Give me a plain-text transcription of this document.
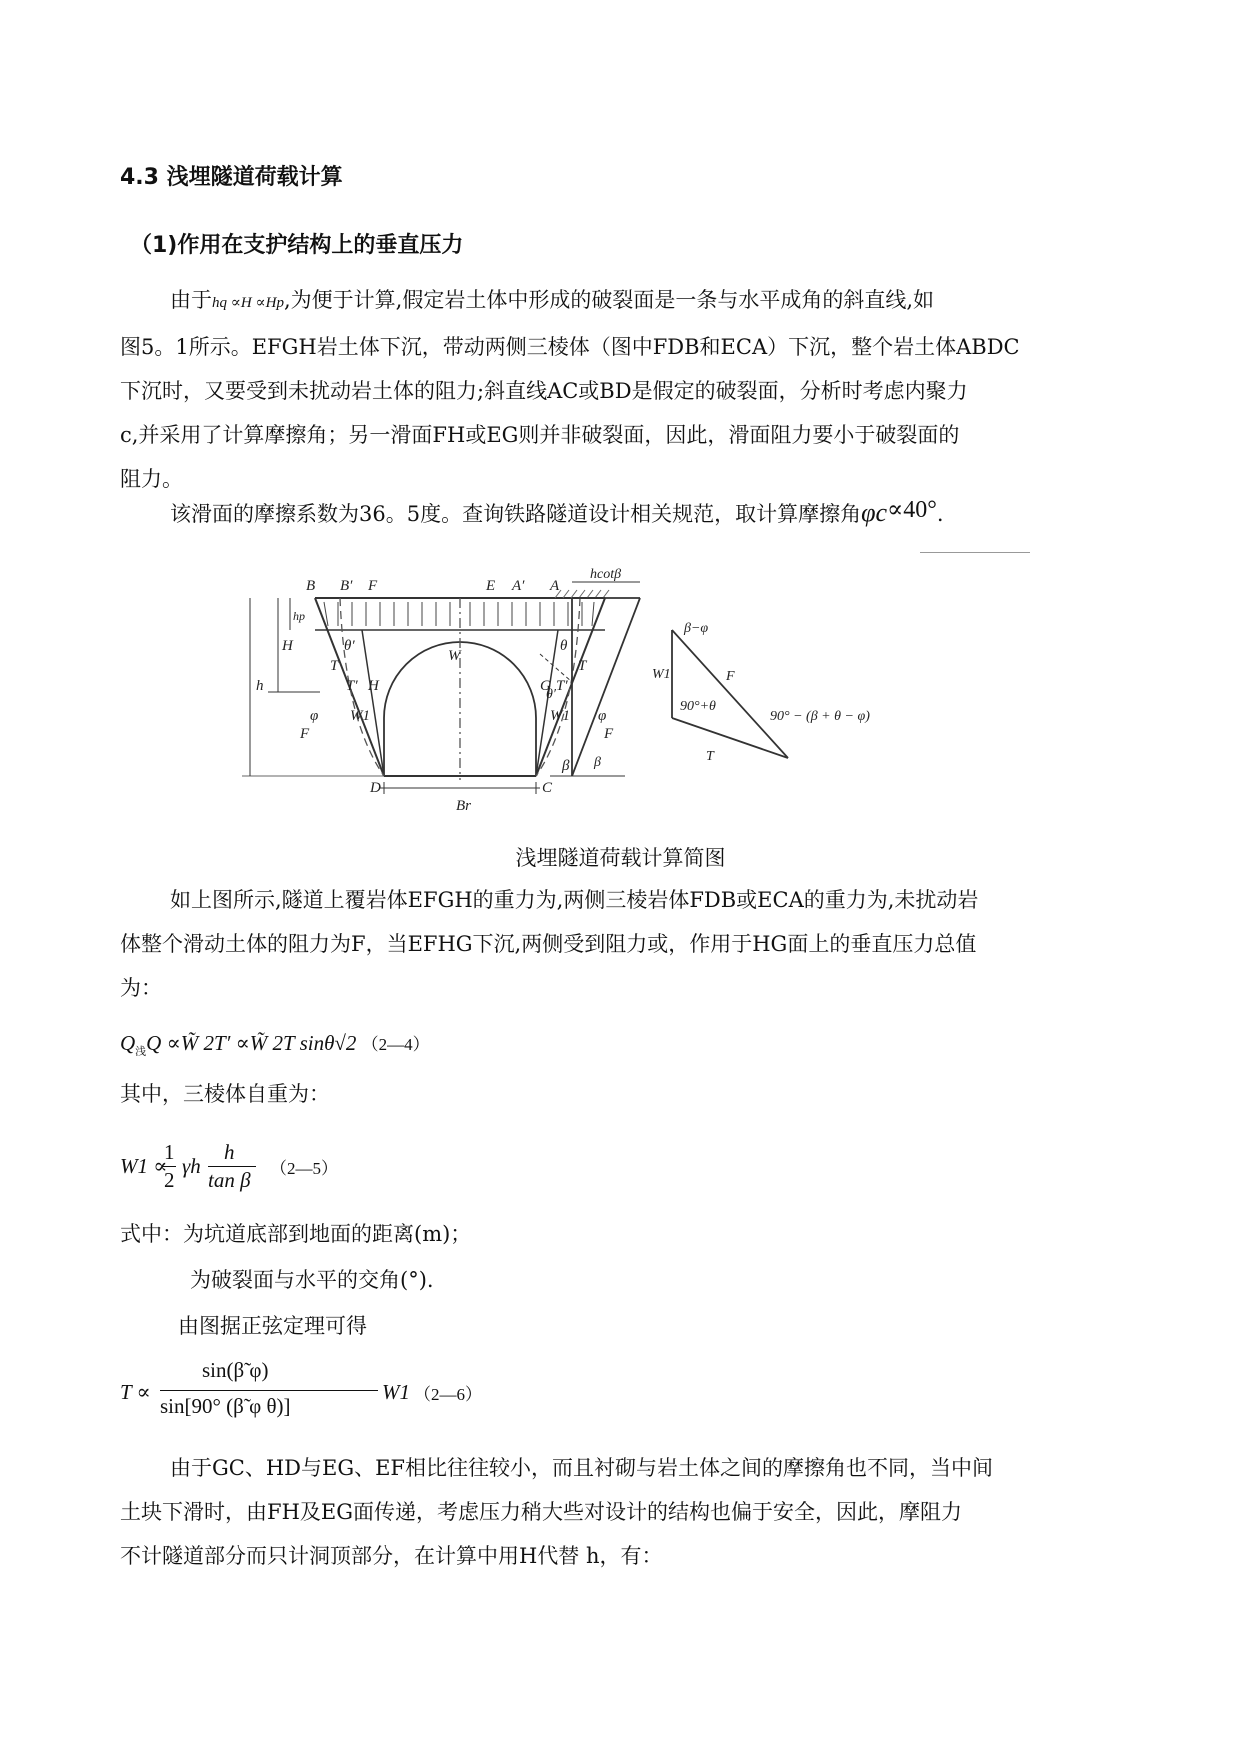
4.3 浅埋隧道荷载计算
（1)作用在支护结构上的垂直压力
由于hq ∝H ∝Hp,为便于计算,假定岩土体中形成的破裂面是一条与水平成角的斜直线,如
图5。1所示。EFGH岩土体下沉，带动两侧三棱体（图中FDB和ECA）下沉，整个岩土体ABDC
下沉时，又要受到未扰动岩土体的阻力;斜直线AC或BD是假定的破裂面，分析时考虑内聚力
c,并采用了计算摩擦角；另一滑面FH或EG则并非破裂面，因此，滑面阻力要小于破裂面的
阻力。
该滑面的摩擦系数为36。5度。查询铁路隧道设计相关规范，取计算摩擦角φc∝40°.
B B′ F	E A′ A
hp
H
h
W
θ′	θ
T
T′	T′
T
H	G
W1	W1
φ
F
φ
F
β
D	C
Br
hcotβ
θ′
β
β−φ
W1	F
90°+θ
T
90° − (β + θ − φ)
浅埋隧道荷载计算简图
如上图所示,隧道上覆岩体EFGH的重力为,两侧三棱岩体FDB或ECA的重力为,未扰动岩
体整个滑动土体的阻力为F，当EFHG下沉,两侧受到阻力或，作用于HG面上的垂直压力总值
为：
$Q_浅Q$ ∝W̃ 2T′ ∝W̃ 2T sinθ√2 （2—4）
其中，三棱体自重为：
W1 ∝
1
2
γh
h
tan β （2—5）
式中：为坑道底部到地面的距离(m)；
为破裂面与水平的交角(°).
由图据正弦定理可得
T ∝
sin(β̃ φ)
sin[90° (β̃ φ θ)]
W1 （2—6）
由于GC、HD与EG、EF相比往往较小，而且衬砌与岩土体之间的摩擦角也不同，当中间
土块下滑时，由FH及EG面传递，考虑压力稍大些对设计的结构也偏于安全，因此，摩阻力
不计隧道部分而只计洞顶部分，在计算中用H代替 h，有：
